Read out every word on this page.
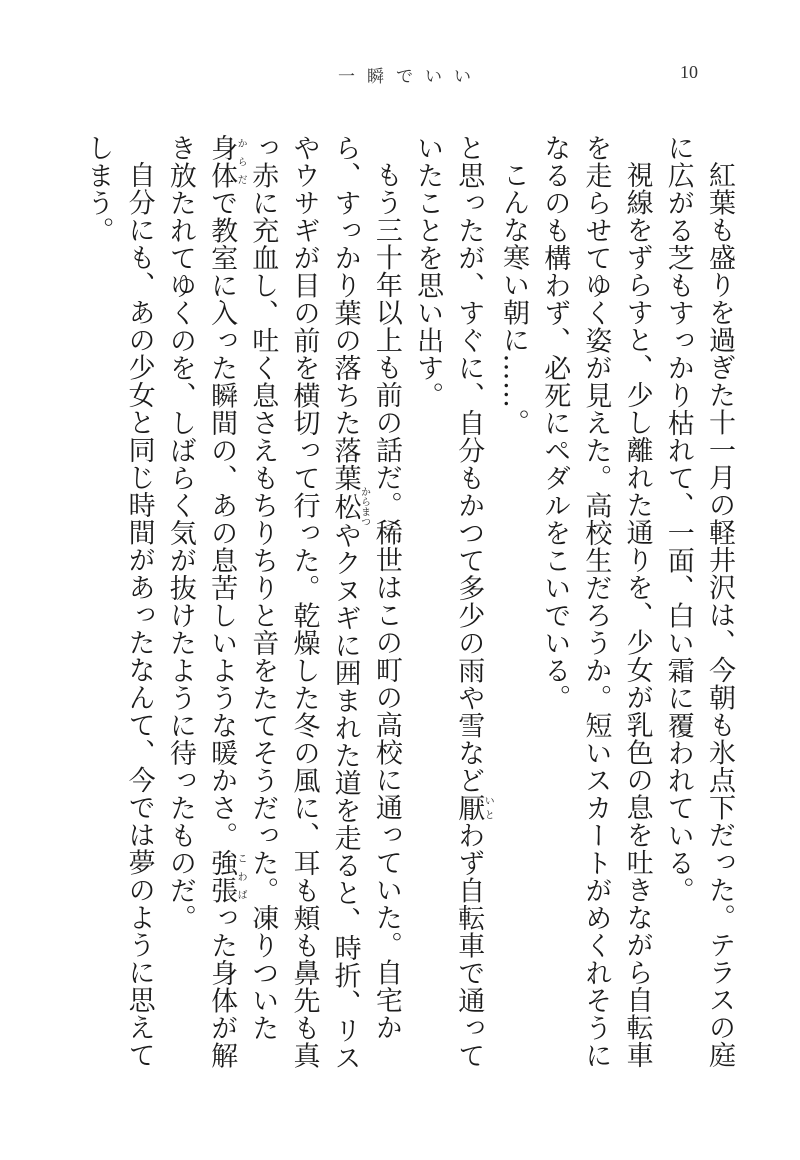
一瞬でいい	10

紅葉も盛りを過ぎた十一月の軽井沢は、今朝も氷点下だった。テラスの庭に広がる芝もすっかり枯れて、一面、白い霜に覆われている。

視線をずらすと、少し離れた通りを、少女が乳色の息を吐きながら自転車を走らせてゆく姿が見えた。高校生だろうか。短いスカートがめくれそうになるのも構わず、必死にペダルをこいでいる。

こんな寒い朝に……。

と思ったが、すぐに、自分もかつて多少の雨や雪など厭いとわず自転車で通っていたことを思い出す。

もう三十年以上も前の話だ。稀世はこの町の高校に通っていた。自宅から、すっかり葉の落ちた落葉松からまつやクヌギに囲まれた道を走ると、時折、リスやウサギが目の前を横切って行った。乾燥した冬の風に、耳も頬も鼻先も真っ赤に充血し、吐く息さえもちりちりと音をたてそうだった。凍りついた身体からだで教室に入った瞬間の、あの息苦しいような暖かさ。強張こわばった身体が解き放たれてゆくのを、しばらく気が抜けたように待ったものだ。

自分にも、あの少女と同じ時間があったなんて、今では夢のように思えてしまう。
